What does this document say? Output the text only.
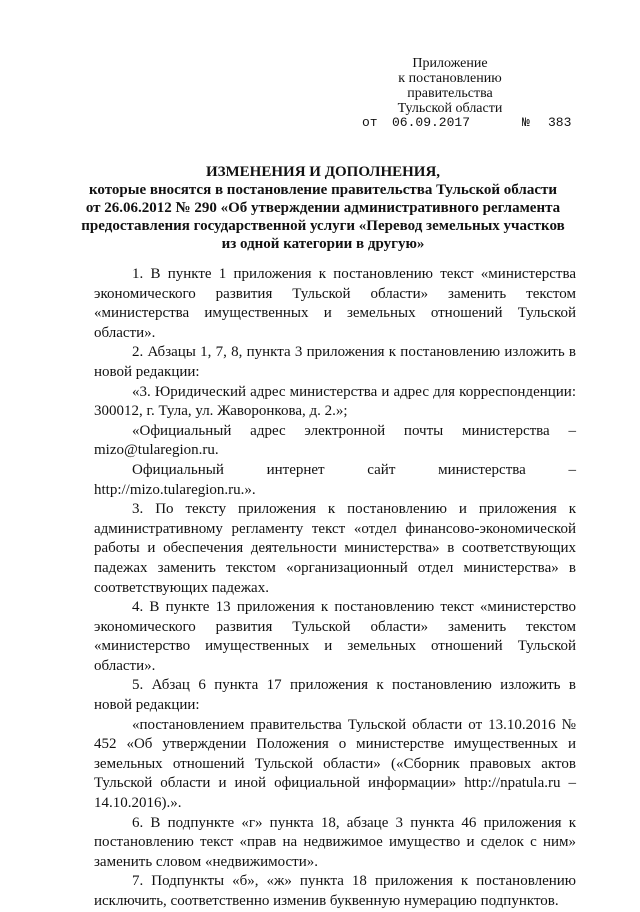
Приложение
к постановлению правительства
Тульской области
от 06.09.2017	№ 383
ИЗМЕНЕНИЯ И ДОПОЛНЕНИЯ,
которые вносятся в постановление правительства Тульской области
от 26.06.2012 № 290 «Об утверждении административного регламента
предоставления государственной услуги «Перевод земельных участков
из одной категории в другую»

1. В пункте 1 приложения к постановлению текст «министерства экономического развития Тульской области» заменить текстом «министерства имущественных и земельных отношений Тульской области».

2. Абзацы 1, 7, 8, пункта 3 приложения к постановлению изложить в новой редакции:

«3. Юридический адрес министерства и адрес для корреспонденции: 300012, г. Тула, ул. Жаворонкова, д. 2.»;

«Официальный адрес электронной почты министерства – mizo@tularegion.ru.

Официальный интернет сайт министерства – http://mizo.tularegion.ru.».

3. По тексту приложения к постановлению и приложения к административному регламенту текст «отдел финансово-экономической работы и обеспечения деятельности министерства» в соответствующих падежах заменить текстом «организационный отдел министерства» в соответствующих падежах.

4. В пункте 13 приложения к постановлению текст «министерство экономического развития Тульской области» заменить текстом «министерство имущественных и земельных отношений Тульской области».

5. Абзац 6 пункта 17 приложения к постановлению изложить в новой редакции:

«постановлением правительства Тульской области от 13.10.2016 № 452 «Об утверждении Положения о министерстве имущественных и земельных отношений Тульской области» («Сборник правовых актов Тульской области и иной официальной информации» http://npatula.ru – 14.10.2016).».

6. В подпункте «г» пункта 18, абзаце 3 пункта 46 приложения к постановлению текст «прав на недвижимое имущество и сделок с ним» заменить словом «недвижимости».

7. Подпункты «б», «ж» пункта 18 приложения к постановлению исключить, соответственно изменив буквенную нумерацию подпунктов.
